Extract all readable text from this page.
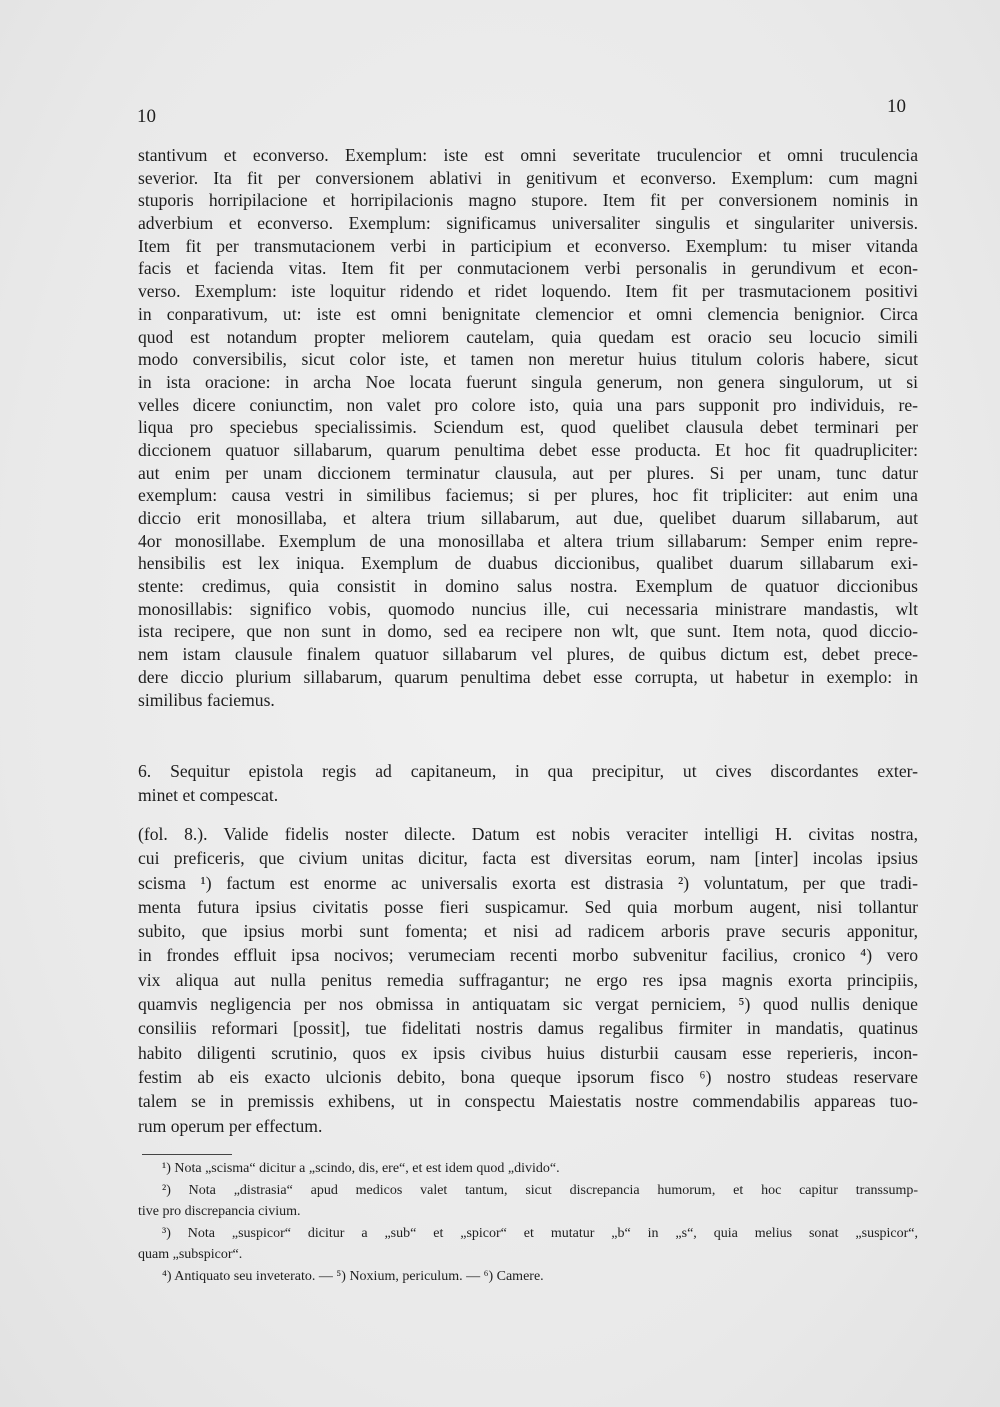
10	10
stantivum et econverso. Exemplum: iste est omni severitate truculencior et omni truculencia
severior. Ita fit per conversionem ablativi in genitivum et econverso. Exemplum: cum magni
stuporis horripilacione et horripilacionis magno stupore. Item fit per conversionem nominis in
adverbium et econverso. Exemplum: significamus universaliter singulis et singulariter universis.
Item fit per transmutacionem verbi in participium et econverso. Exemplum: tu miser vitanda
facis et facienda vitas. Item fit per conmutacionem verbi personalis in gerundivum et econ-
verso. Exemplum: iste loquitur ridendo et ridet loquendo. Item fit per trasmutacionem positivi
in conparativum, ut: iste est omni benignitate clemencior et omni clemencia benignior. Circa
quod est notandum propter meliorem cautelam, quia quedam est oracio seu locucio simili
modo conversibilis, sicut color iste, et tamen non meretur huius titulum coloris habere, sicut
in ista oracione: in archa Noe locata fuerunt singula generum, non genera singulorum, ut si
velles dicere coniunctim, non valet pro colore isto, quia una pars supponit pro individuis, re-
liqua pro speciebus specialissimis. Sciendum est, quod quelibet clausula debet terminari per
diccionem quatuor sillabarum, quarum penultima debet esse producta. Et hoc fit quadrupliciter:
aut enim per unam diccionem terminatur clausula, aut per plures. Si per unam, tunc datur
exemplum: causa vestri in similibus faciemus; si per plures, hoc fit tripliciter: aut enim una
diccio erit monosillaba, et altera trium sillabarum, aut due, quelibet duarum sillabarum, aut
4or monosillabe. Exemplum de una monosillaba et altera trium sillabarum: Semper enim repre-
hensibilis est lex iniqua. Exemplum de duabus diccionibus, qualibet duarum sillabarum exi-
stente: credimus, quia consistit in domino salus nostra. Exemplum de quatuor diccionibus
monosillabis: significo vobis, quomodo nuncius ille, cui necessaria ministrare mandastis, wlt
ista recipere, que non sunt in domo, sed ea recipere non wlt, que sunt. Item nota, quod diccio-
nem istam clausule finalem quatuor sillabarum vel plures, de quibus dictum est, debet prece-
dere diccio plurium sillabarum, quarum penultima debet esse corrupta, ut habetur in exemplo: in
similibus faciemus.
6. Sequitur epistola regis ad capitaneum, in qua precipitur, ut cives discordantes exter-
minet et compescat.
(fol. 8.). Valide fidelis noster dilecte. Datum est nobis veraciter intelligi H. civitas nostra,
cui preficeris, que civium unitas dicitur, facta est diversitas eorum, nam [inter] incolas ipsius
scisma ¹) factum est enorme ac universalis exorta est distrasia ²) voluntatum, per que tradi-
menta futura ipsius civitatis posse fieri suspicamur. Sed quia morbum augent, nisi tollantur
subito, que ipsius morbi sunt fomenta; et nisi ad radicem arboris prave securis apponitur,
in frondes effluit ipsa nocivos; verumeciam recenti morbo subvenitur facilius, cronico ⁴) vero
vix aliqua aut nulla penitus remedia suffragantur; ne ergo res ipsa magnis exorta principiis,
quamvis negligencia per nos obmissa in antiquatam sic vergat perniciem, ⁵) quod nullis denique
consiliis reformari [possit], tue fidelitati nostris damus regalibus firmiter in mandatis, quatinus
habito diligenti scrutinio, quos ex ipsis civibus huius disturbii causam esse reperieris, incon-
festim ab eis exacto ulcionis debito, bona queque ipsorum fisco ⁶) nostro studeas reservare
talem se in premissis exhibens, ut in conspectu Maiestatis nostre commendabilis appareas tuo-
rum operum per effectum.
¹) Nota „scisma“ dicitur a „scindo, dis, ere“, et est idem quod „divido“.
²) Nota „distrasia“ apud medicos valet tantum, sicut discrepancia humorum, et hoc capitur transsump-
tive pro discrepancia civium.
³) Nota „suspicor“ dicitur a „sub“ et „spicor“ et mutatur „b“ in „s“, quia melius sonat „suspicor“,
quam „subspicor“.
⁴) Antiquato seu inveterato. — ⁵) Noxium, periculum. — ⁶) Camere.
